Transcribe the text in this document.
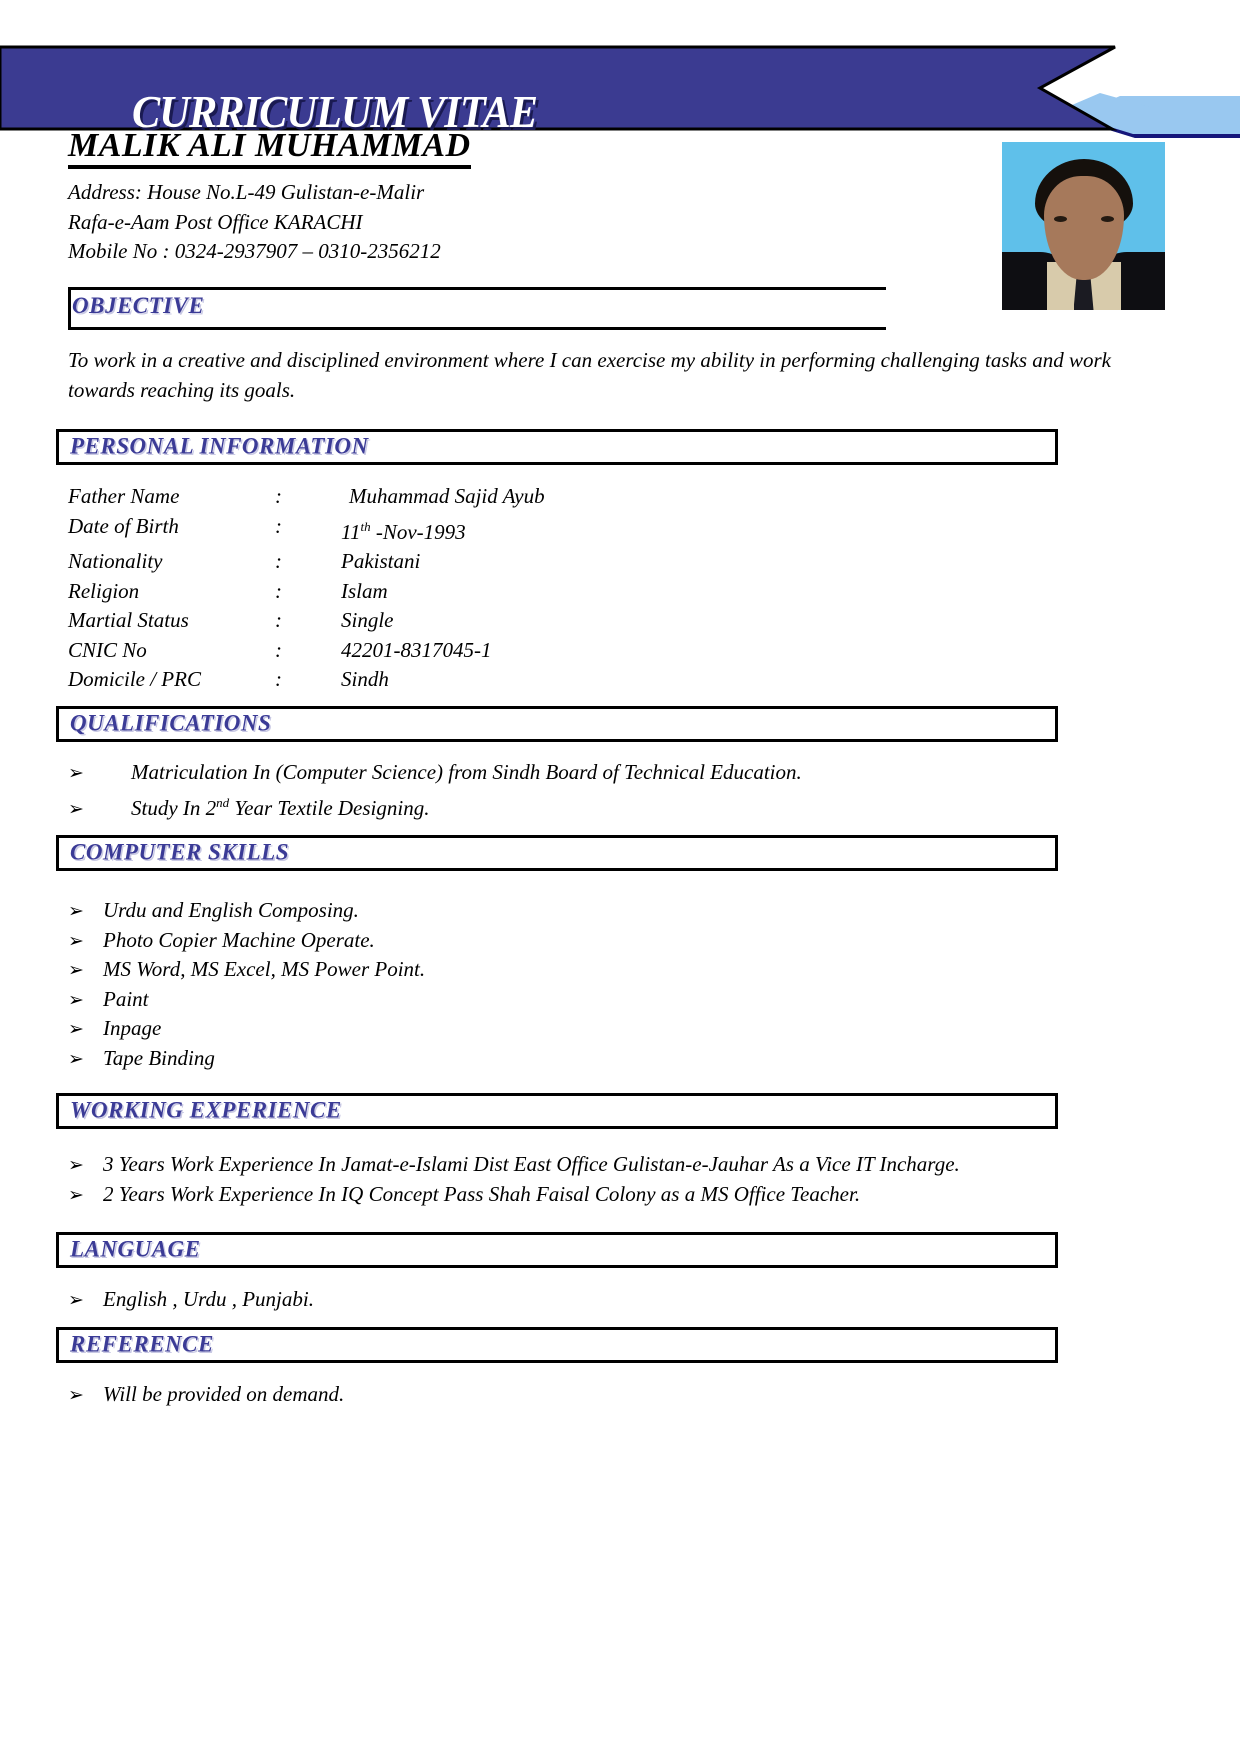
CURRICULUM VITAE
MALIK ALI MUHAMMAD
Address: House No.L-49 Gulistan-e-Malir
Rafa-e-Aam Post Office KARACHI
Mobile No : 0324-2937907 – 0310-2356212
OBJECTIVE
To work in a creative and disciplined environment where I can exercise my ability in performing challenging tasks and work towards reaching its goals.
PERSONAL INFORMATION
Father Name	:	Muhammad Sajid Ayub
Date of Birth	:	11th -Nov-1993
Nationality	:	Pakistani
Religion	:	Islam
Martial Status	:	Single
CNIC No	:	42201-8317045-1
Domicile / PRC	:	Sindh
QUALIFICATIONS
➢	Matriculation In (Computer Science) from Sindh Board of Technical Education.
➢	Study In 2nd Year Textile Designing.
COMPUTER SKILLS
➢ Urdu and English Composing.
➢ Photo Copier Machine Operate.
➢ MS Word, MS Excel, MS Power Point.
➢ Paint
➢ Inpage
➢ Tape Binding
WORKING EXPERIENCE
➢ 3 Years Work Experience In Jamat-e-Islami Dist East Office Gulistan-e-Jauhar As a Vice IT Incharge.
➢ 2 Years Work Experience In IQ Concept Pass Shah Faisal Colony as a MS Office Teacher.
LANGUAGE
➢ English , Urdu , Punjabi.
REFERENCE
➢ Will be provided on demand.
